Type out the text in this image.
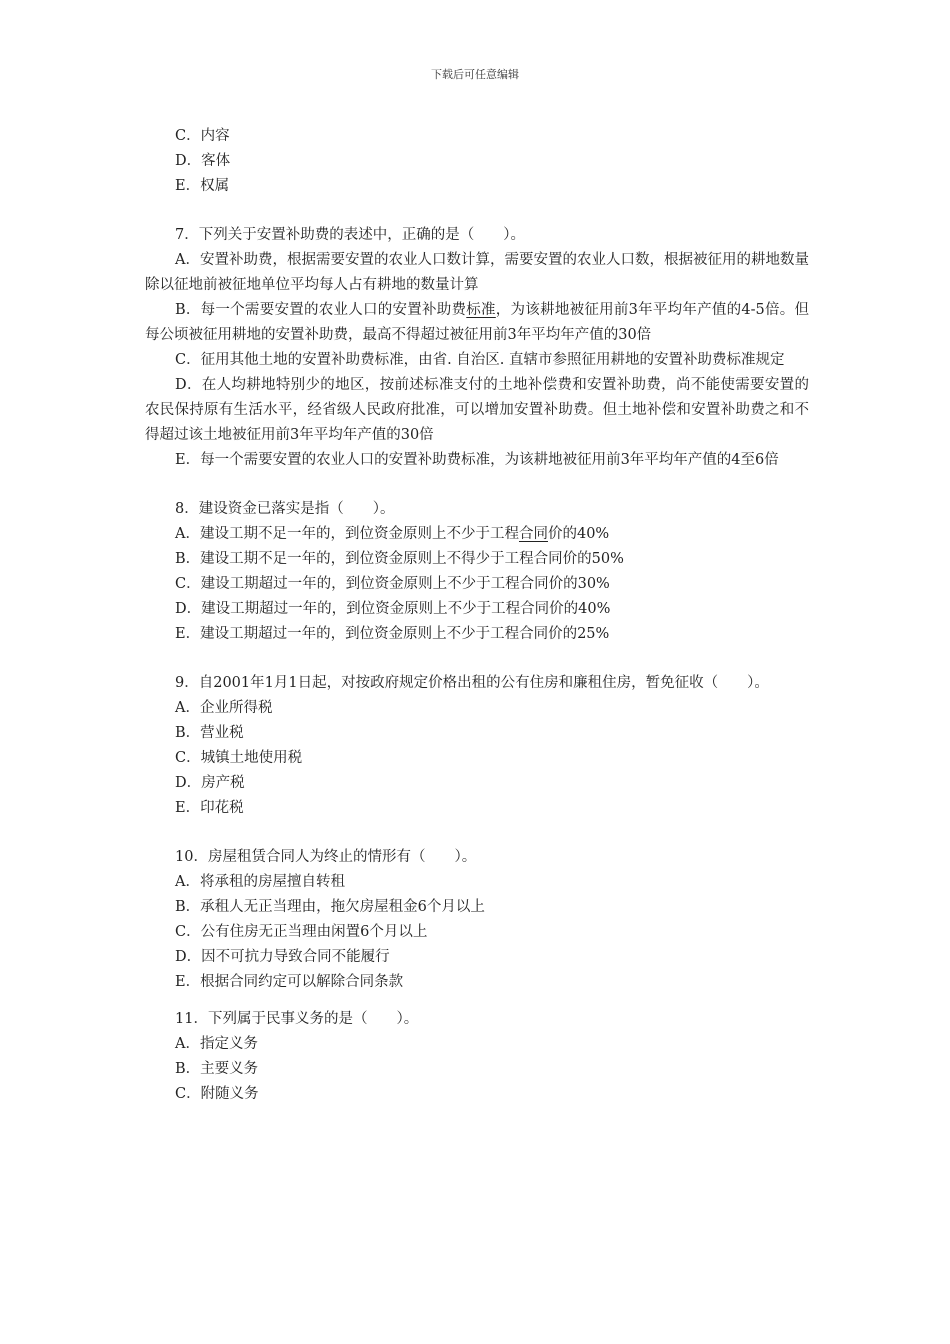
下载后可任意编辑

C．内容

D．客体

E．权属

7．下列关于安置补助费的表述中，正确的是（　　）。

A．安置补助费，根据需要安置的农业人口数计算，需要安置的农业人口数，根据被征用的耕地数量除以征地前被征地单位平均每人占有耕地的数量计算

B．每一个需要安置的农业人口的安置补助费标准，为该耕地被征用前3年平均年产值的4-5倍。但每公顷被征用耕地的安置补助费，最高不得超过被征用前3年平均年产值的30倍

C．征用其他土地的安置补助费标准，由省. 自治区. 直辖市参照征用耕地的安置补助费标准规定

D．在人均耕地特别少的地区，按前述标准支付的土地补偿费和安置补助费，尚不能使需要安置的农民保持原有生活水平，经省级人民政府批准，可以增加安置补助费。但土地补偿和安置补助费之和不得超过该土地被征用前3年平均年产值的30倍

E．每一个需要安置的农业人口的安置补助费标准，为该耕地被征用前3年平均年产值的4至6倍

8．建设资金已落实是指（　　）。

A．建设工期不足一年的，到位资金原则上不少于工程合同价的40%

B．建设工期不足一年的，到位资金原则上不得少于工程合同价的50%

C．建设工期超过一年的，到位资金原则上不少于工程合同价的30%

D．建设工期超过一年的，到位资金原则上不少于工程合同价的40%

E．建设工期超过一年的，到位资金原则上不少于工程合同价的25%

9．自2001年1月1日起，对按政府规定价格出租的公有住房和廉租住房，暂免征收（　　）。

A．企业所得税

B．营业税

C．城镇土地使用税

D．房产税

E．印花税

10．房屋租赁合同人为终止的情形有（　　）。

A．将承租的房屋擅自转租

B．承租人无正当理由，拖欠房屋租金6个月以上

C．公有住房无正当理由闲置6个月以上

D．因不可抗力导致合同不能履行

E．根据合同约定可以解除合同条款

11．下列属于民事义务的是（　　）。

A．指定义务

B．主要义务

C．附随义务
